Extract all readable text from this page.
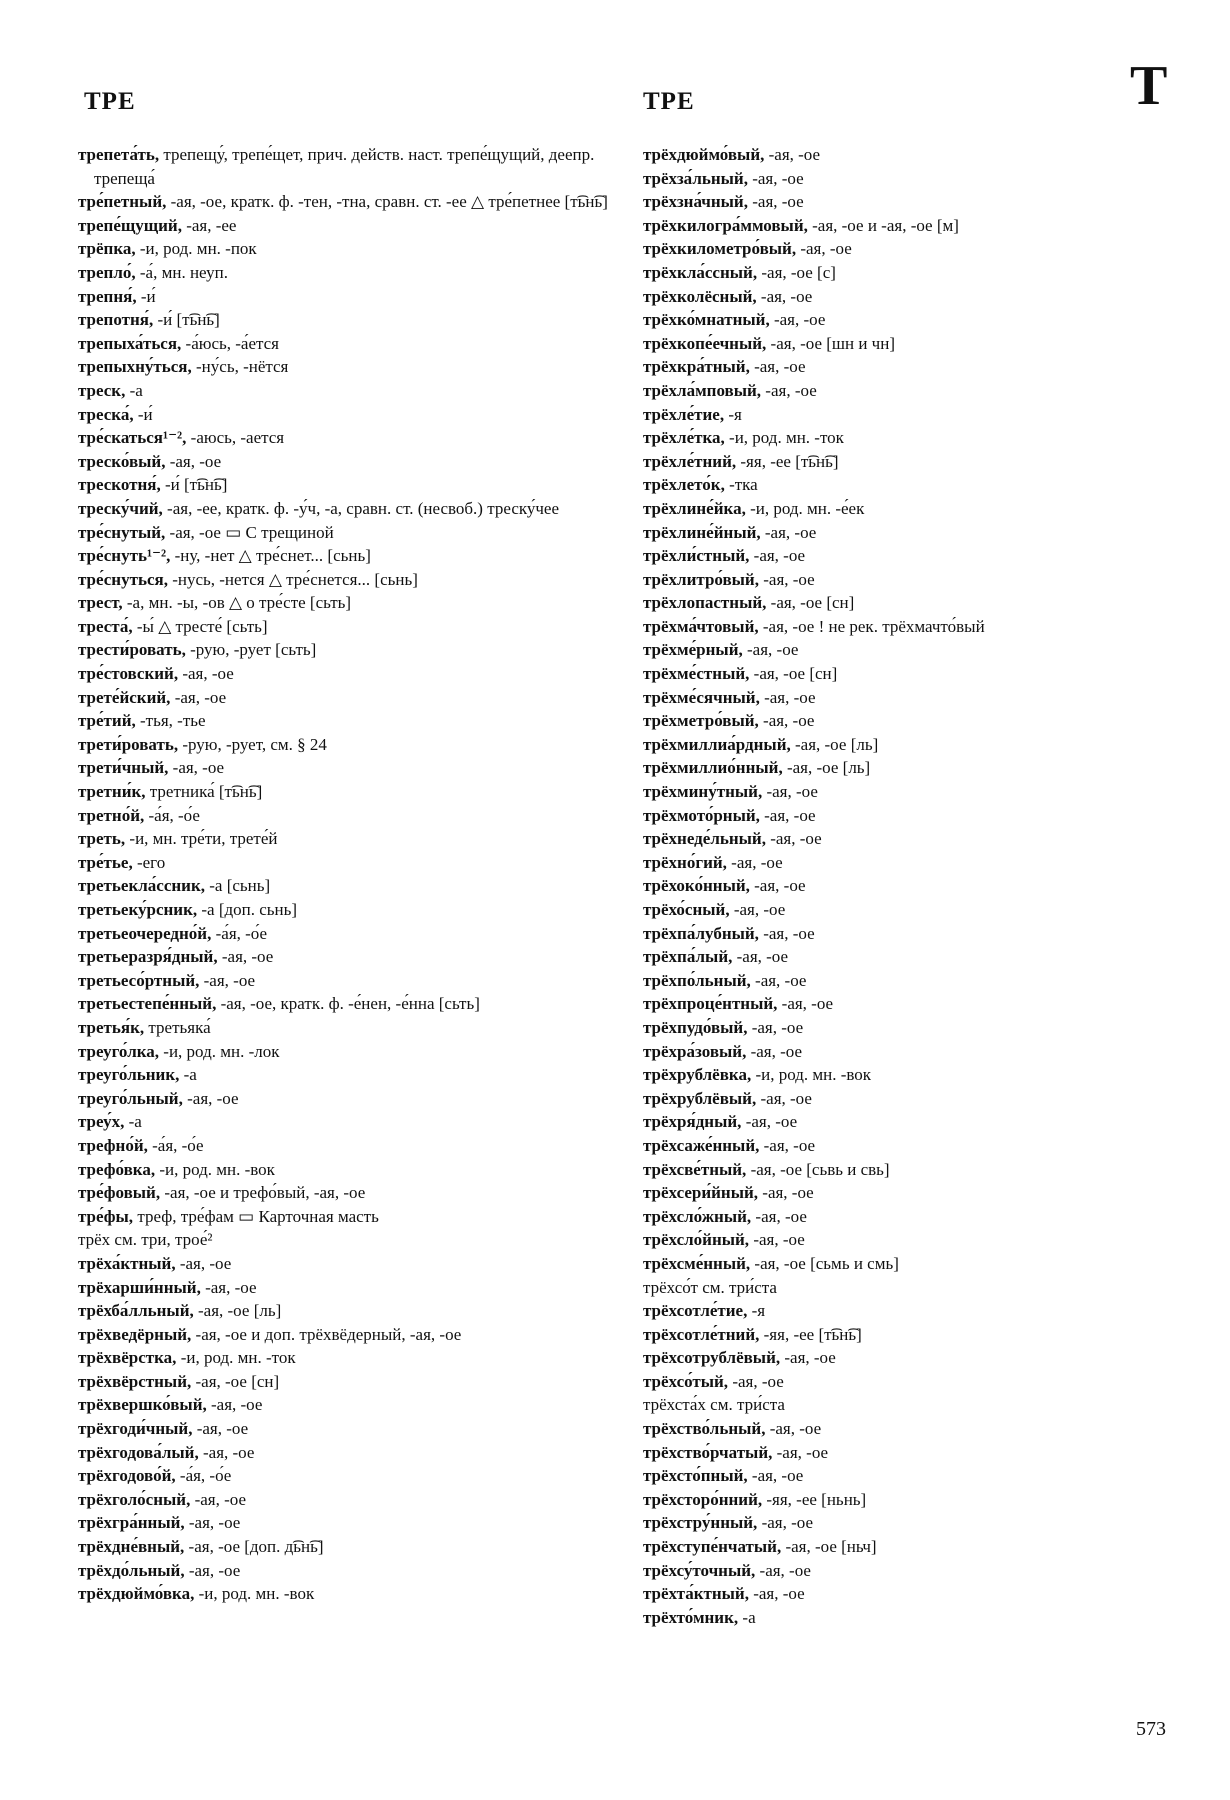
ТРЕ	ТРЕ	Т
трепета́ть, трепещу́, трепе́щет, прич. действ. наст. трепе́щущий, деепр. трепеща́
тре́петный, -ая, -ое, кратк. ф. -тен, -тна, сравн. ст. -ее △ тре́петнее [т͡ьн͡ь]
трепе́щущий, -ая, -ее
трёпка, -и, род. мн. -пок
трепло́, -а́, мн. неуп.
трепня́, -и́
трепотня́, -и́ [т͡ьн͡ь]
трепыха́ться, -а́юсь, -а́ется
трепыхну́ться, -ну́сь, -нётся
треск, -а
треска́, -и́
тре́скаться¹⁻², -аюсь, -ается
треско́вый, -ая, -ое
трескотня́, -и́ [т͡ьн͡ь]
треску́чий, -ая, -ее, кратк. ф. -у́ч, -а, сравн. ст. (несвоб.) треску́чее
тре́снутый, -ая, -ое ▭ С трещиной
тре́снуть¹⁻², -ну, -нет △ тре́снет... [сьнь]
тре́снуться, -нусь, -нется △ тре́снется... [сьнь]
трест, -а, мн. -ы, -ов △ о тре́сте [сьть]
треста́, -ы́ △ тресте́ [сьть]
трести́ровать, -рую, -рует [сьть]
тре́стовский, -ая, -ое
трете́йский, -ая, -ое
тре́тий, -тья, -тье
трети́ровать, -рую, -рует, см. § 24
трети́чный, -ая, -ое
третни́к, третника́ [т͡ьн͡ь]
третно́й, -а́я, -о́е
треть, -и, мн. тре́ти, трете́й
тре́тье, -его
третьекла́ссник, -а [сьнь]
третьеку́рсник, -а [доп. сьнь]
третьеочередно́й, -а́я, -о́е
третьеразря́дный, -ая, -ое
третьесо́ртный, -ая, -ое
третьестепе́нный, -ая, -ое, кратк. ф. -е́нен, -е́нна [сьть]
третья́к, третьяка́
треуго́лка, -и, род. мн. -лок
треуго́льник, -а
треуго́льный, -ая, -ое
треу́х, -а
трефно́й, -а́я, -о́е
трефо́вка, -и, род. мн. -вок
тре́фовый, -ая, -ое и трефо́вый, -ая, -ое
тре́фы, треф, тре́фам ▭ Карточная масть
трёх см. три, трое́²
трёха́ктный, -ая, -ое
трёхарши́нный, -ая, -ое
трёхба́лльный, -ая, -ое [ль]
трёхведёрный, -ая, -ое и доп. трёхвёдерный, -ая, -ое
трёхвёрстка, -и, род. мн. -ток
трёхвёрстный, -ая, -ое [сн]
трёхвершко́вый, -ая, -ое
трёхгоди́чный, -ая, -ое
трёхгодова́лый, -ая, -ое
трёхгодово́й, -а́я, -о́е
трёхголо́сный, -ая, -ое
трёхгра́нный, -ая, -ое
трёхдне́вный, -ая, -ое [доп. д͡ьн͡ь]
трёхдо́льный, -ая, -ое
трёхдюймо́вка, -и, род. мн. -вок
трёхдюймо́вый, -ая, -ое
трёхза́льный, -ая, -ое
трёхзна́чный, -ая, -ое
трёхкилогра́ммовый, -ая, -ое и -ая, -ое [м]
трёхкилометро́вый, -ая, -ое
трёхкла́ссный, -ая, -ое [с]
трёхколёсный, -ая, -ое
трёхко́мнатный, -ая, -ое
трёхкопе́ечный, -ая, -ое [шн и чн]
трёхкра́тный, -ая, -ое
трёхла́мповый, -ая, -ое
трёхле́тие, -я
трёхле́тка, -и, род. мн. -ток
трёхле́тний, -яя, -ее [т͡ьн͡ь]
трёхлето́к, -тка
трёхлине́йка, -и, род. мн. -е́ек
трёхлине́йный, -ая, -ое
трёхли́стный, -ая, -ое
трёхлитро́вый, -ая, -ое
трёхлопастный, -ая, -ое [сн]
трёхма́чтовый, -ая, -ое ! не рек. трёхмачто́вый
трёхме́рный, -ая, -ое
трёхме́стный, -ая, -ое [сн]
трёхме́сячный, -ая, -ое
трёхметро́вый, -ая, -ое
трёхмиллиа́рдный, -ая, -ое [ль]
трёхмиллио́нный, -ая, -ое [ль]
трёхмину́тный, -ая, -ое
трёхмото́рный, -ая, -ое
трёхнеде́льный, -ая, -ое
трёхно́гий, -ая, -ое
трёхоко́нный, -ая, -ое
трёхо́сный, -ая, -ое
трёхпа́лубный, -ая, -ое
трёхпа́лый, -ая, -ое
трёхпо́льный, -ая, -ое
трёхпроце́нтный, -ая, -ое
трёхпудо́вый, -ая, -ое
трёхра́зовый, -ая, -ое
трёхрублёвка, -и, род. мн. -вок
трёхрублёвый, -ая, -ое
трёхря́дный, -ая, -ое
трёхсаже́нный, -ая, -ое
трёхсве́тный, -ая, -ое [сьвь и свь]
трёхсери́йный, -ая, -ое
трёхсло́жный, -ая, -ое
трёхсло́йный, -ая, -ое
трёхсме́нный, -ая, -ое [сьмь и смь]
трёхсо́т см. три́ста
трёхсотле́тие, -я
трёхсотле́тний, -яя, -ее [т͡ьн͡ь]
трёхсотрублёвый, -ая, -ое
трёхсо́тый, -ая, -ое
трёхста́х см. три́ста
трёхство́льный, -ая, -ое
трёхство́рчатый, -ая, -ое
трёхсто́пный, -ая, -ое
трёхсторо́нний, -яя, -ее [ньнь]
трёхстру́нный, -ая, -ое
трёхступе́нчатый, -ая, -ое [ньч]
трёхсу́точный, -ая, -ое
трёхта́ктный, -ая, -ое
трёхто́мник, -а
573
